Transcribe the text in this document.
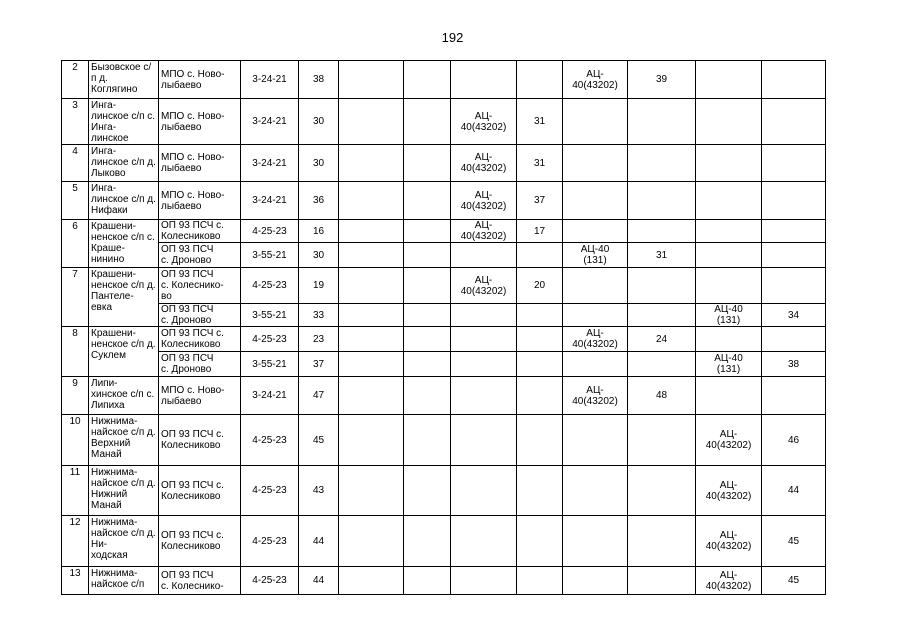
192
2	Бызовское с/п д. Коглягино	МПО с. Ново-
лыбаево	3-24-21	38					АЦ-
40(43202)	39		
3	Инга-
линское с/п с. Инга-
линское	МПО с. Ново-
лыбаево	3-24-21	30			АЦ-
40(43202)	31				
4	Инга-
линское с/п д. Лыково	МПО с. Ново-
лыбаево	3-24-21	30			АЦ-
40(43202)	31				
5	Инга-
линское с/п д. Нифаки	МПО с. Ново-
лыбаево	3-24-21	36			АЦ-
40(43202)	37				
6	Крашени-
ненское с/п с. Краше-
нинино	ОП 93 ПСЧ с.
Колесниково	4-25-23	16			АЦ-
40(43202)	17				
		ОП 93 ПСЧ
с. Дроново	3-55-21	30					АЦ-40
(131)	31		
7	Крашени-
ненское с/п д. Пантеле-
евка	ОП 93 ПСЧ
с. Колеснико-
во	4-25-23	19			АЦ-
40(43202)	20				
		ОП 93 ПСЧ
с. Дроново	3-55-21	33							АЦ-40
(131)	34
8	Крашени-
ненское с/п д. Суклем	ОП 93 ПСЧ с.
Колесниково	4-25-23	23					АЦ-
40(43202)	24		
		ОП 93 ПСЧ
с. Дроново	3-55-21	37							АЦ-40
(131)	38
9	Липи-
хинское с/п с. Липиха	МПО с. Ново-
лыбаево	3-24-21	47					АЦ-
40(43202)	48		
10	Нижнима-
найское с/п д. Верхний Манай	ОП 93 ПСЧ с.
Колесниково	4-25-23	45							АЦ-
40(43202)	46
11	Нижнима-
найское с/п д. Нижний Манай	ОП 93 ПСЧ с.
Колесниково	4-25-23	43							АЦ-
40(43202)	44
12	Нижнима-
найское с/п д. Ни-
ходская	ОП 93 ПСЧ с.
Колесниково	4-25-23	44							АЦ-
40(43202)	45
13	Нижнима-
найское с/п	ОП 93 ПСЧ
с. Колеснико-	4-25-23	44							АЦ-
40(43202)	45
